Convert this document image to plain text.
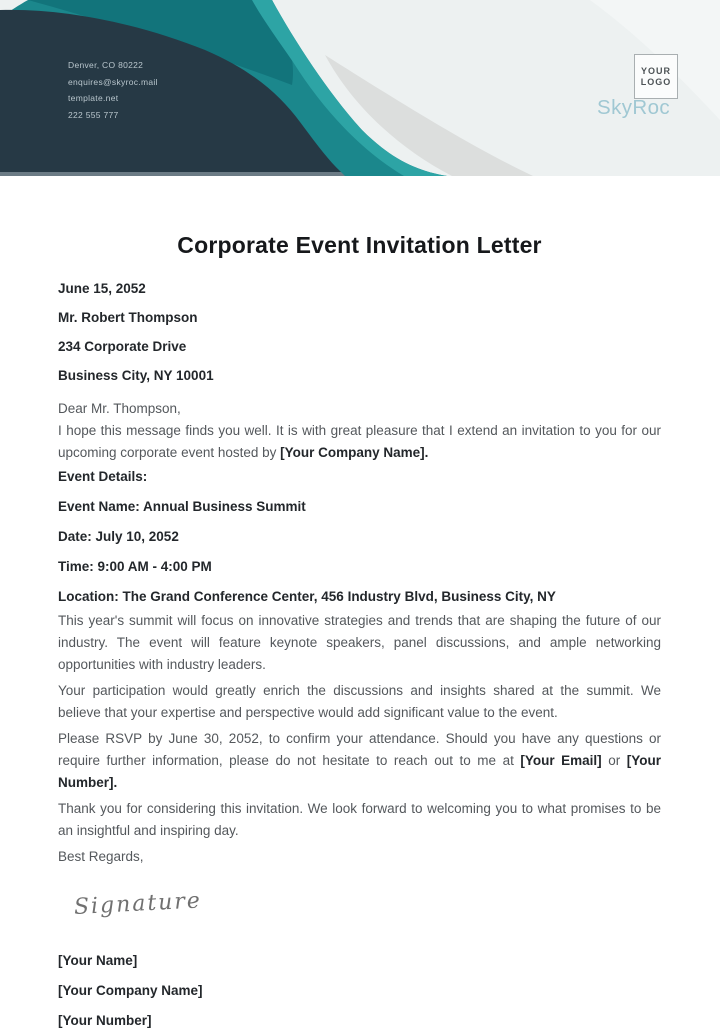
Denver, CO 80222
enquires@skyroc.mail
template.net
222 555 777
YOUR
LOGO
SkyRoc
Corporate Event Invitation Letter
June 15, 2052
Mr. Robert Thompson
234 Corporate Drive
Business City, NY 10001

Dear Mr. Thompson,

I hope this message finds you well. It is with great pleasure that I extend an invitation to you for our upcoming corporate event hosted by [Your Company Name].

Event Details:
Event Name: Annual Business Summit
Date: July 10, 2052
Time: 9:00 AM - 4:00 PM
Location: The Grand Conference Center, 456 Industry Blvd, Business City, NY

This year's summit will focus on innovative strategies and trends that are shaping the future of our industry. The event will feature keynote speakers, panel discussions, and ample networking opportunities with industry leaders.

Your participation would greatly enrich the discussions and insights shared at the summit. We believe that your expertise and perspective would add significant value to the event.

Please RSVP by June 30, 2052, to confirm your attendance. Should you have any questions or require further information, please do not hesitate to reach out to me at [Your Email] or [Your Number].

Thank you for considering this invitation. We look forward to welcoming you to what promises to be an insightful and inspiring day.

Best Regards,

Signature
[Your Name]
[Your Company Name]
[Your Number]
